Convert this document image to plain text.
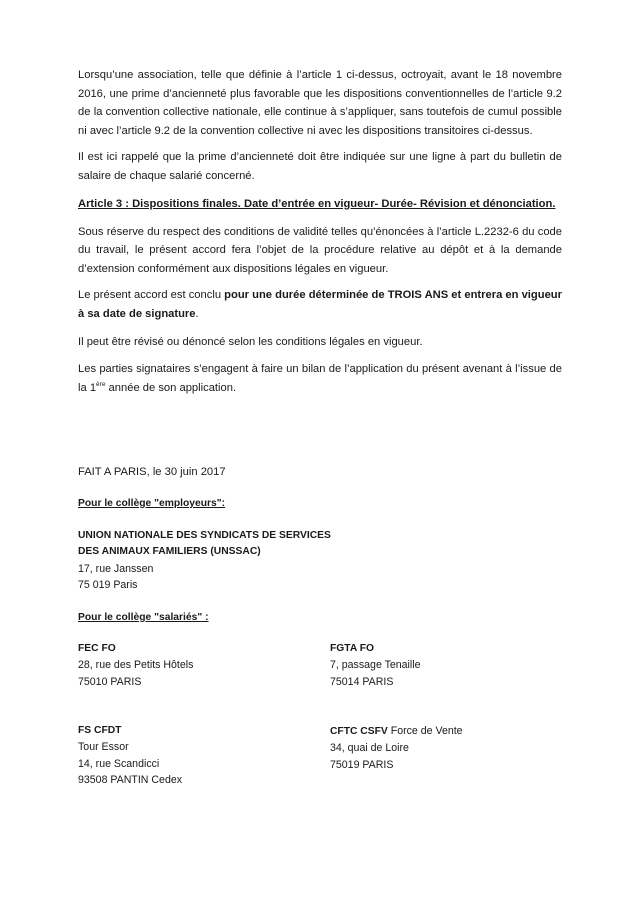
Lorsqu’une association, telle que définie à l’article 1 ci-dessus, octroyait, avant le 18 novembre 2016, une prime d’ancienneté plus favorable que les dispositions conventionnelles de l’article 9.2 de la convention collective nationale, elle continue à s’appliquer, sans toutefois de cumul possible ni avec l’article 9.2 de la convention collective ni avec les dispositions transitoires ci-dessus.

Il est ici rappelé que la prime d’ancienneté doit être indiquée sur une ligne à part du bulletin de salaire de chaque salarié concerné.

Article 3 : Dispositions finales. Date d’entrée en vigueur- Durée- Révision et dénonciation.

Sous réserve du respect des conditions de validité telles qu’énoncées à l’article L.2232-6 du code du travail, le présent accord fera l’objet de la procédure relative au dépôt et à la demande d’extension conformément aux dispositions légales en vigueur.

Le présent accord est conclu pour une durée déterminée de TROIS ANS et entrera en vigueur à sa date de signature.

Il peut être révisé ou dénoncé selon les conditions légales en vigueur.

Les parties signataires s’engagent à faire un bilan de l’application du présent avenant à l’issue de la 1ère année de son application.

FAIT A PARIS, le 30 juin 2017
Pour le collège "employeurs":
UNION NATIONALE DES SYNDICATS DE SERVICES
DES ANIMAUX FAMILIERS (UNSSAC)
17, rue Janssen
75 019 Paris
Pour le collège "salariés" :
FEC FO
28, rue des Petits Hôtels
75010 PARIS
FGTA FO
7, passage Tenaille
75014 PARIS
FS CFDT
Tour Essor
14, rue Scandicci
93508 PANTIN Cedex
CFTC CSFV Force de Vente
34, quai de Loire
75019 PARIS
